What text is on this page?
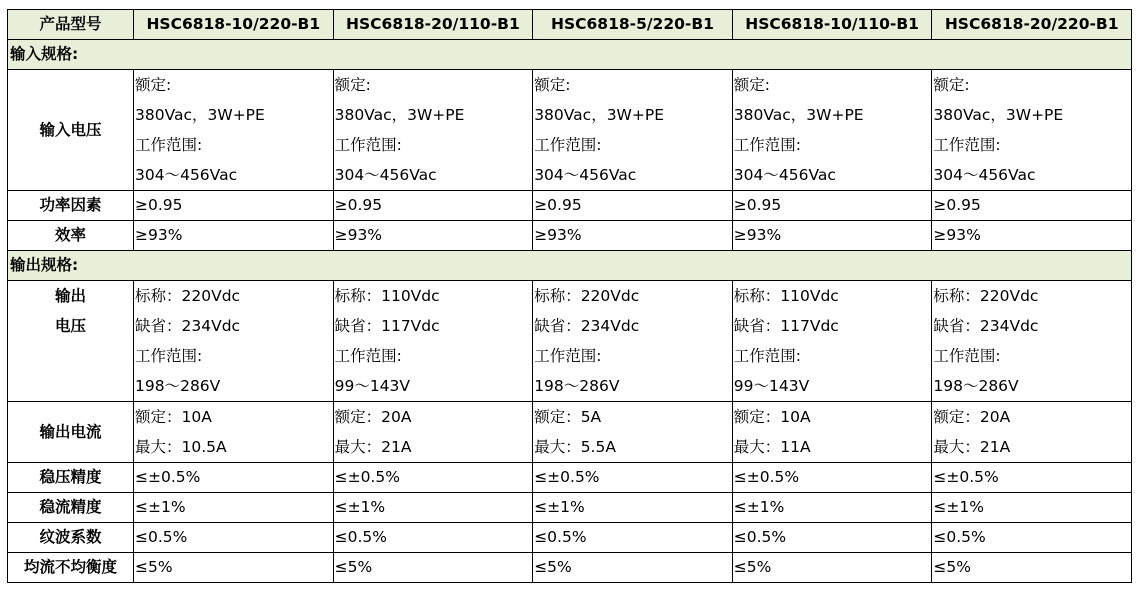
产品型号	HSC6818-10/220-B1	HSC6818-20/110-B1	HSC6818-5/220-B1	HSC6818-10/110-B1	HSC6818-20/220-B1
输入规格:					
输入电压	额定:
380Vac，3W+PE
工作范围:
304～456Vac	额定:
380Vac，3W+PE
工作范围:
304～456Vac	额定:
380Vac，3W+PE
工作范围:
304～456Vac	额定:
380Vac，3W+PE
工作范围:
304～456Vac	额定:
380Vac，3W+PE
工作范围:
304～456Vac

功率因素	≥0.95	≥0.95	≥0.95	≥0.95	≥0.95
效率	≥93%	≥93%	≥93%	≥93%	≥93%
输出规格:					

输出
电压	标称：220Vdc
缺省：234Vdc
工作范围:
198～286V	标称：110Vdc
缺省：117Vdc
工作范围:
99～143V	标称：220Vdc
缺省：234Vdc
工作范围:
198～286V	标称：110Vdc
缺省：117Vdc
工作范围:
99～143V	标称：220Vdc
缺省：234Vdc
工作范围:
198～286V

输出电流	额定：10A
最大：10.5A	额定：20A
最大：21A	额定：5A
最大：5.5A	额定：10A
最大：11A	额定：20A
最大：21A

稳压精度	≤±0.5%	≤±0.5%	≤±0.5%	≤±0.5%	≤±0.5%
稳流精度	≤±1%	≤±1%	≤±1%	≤±1%	≤±1%
纹波系数	≤0.5%	≤0.5%	≤0.5%	≤0.5%	≤0.5%
均流不均衡度	≤5%	≤5%	≤5%	≤5%	≤5%
